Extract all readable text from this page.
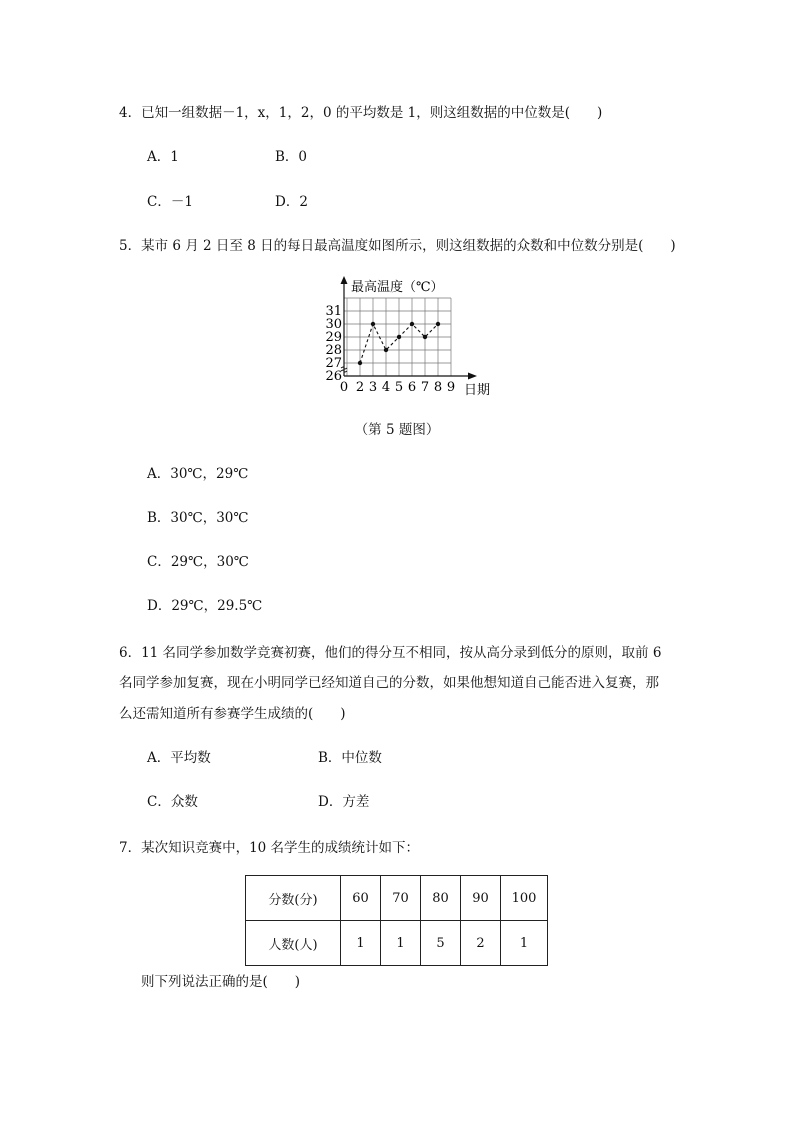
4．已知一组数据－1，x，1，2，0 的平均数是 1，则这组数据的中位数是(　　)
A．1	B．0
C．－1	D．2
5．某市 6 月 2 日至 8 日的每日最高温度如图所示，则这组数据的众数和中位数分别是(　　)
26
27
28
29
30
31
0 2 3 4 5 6 7 8 9
最高温度（℃）
日期
（第 5 题图）
A．30℃，29℃
B．30℃，30℃
C．29℃，30℃
D．29℃，29.5℃
6．11 名同学参加数学竞赛初赛，他们的得分互不相同，按从高分录到低分的原则，取前 6
名同学参加复赛，现在小明同学已经知道自己的分数，如果他想知道自己能否进入复赛，那
么还需知道所有参赛学生成绩的(　　)
A．平均数	B．中位数
C．众数	D．方差
7．某次知识竞赛中，10 名学生的成绩统计如下：
分数(分)	60	70	80	90	100
人数(人)	1	1	5	2	1
则下列说法正确的是(　　)
